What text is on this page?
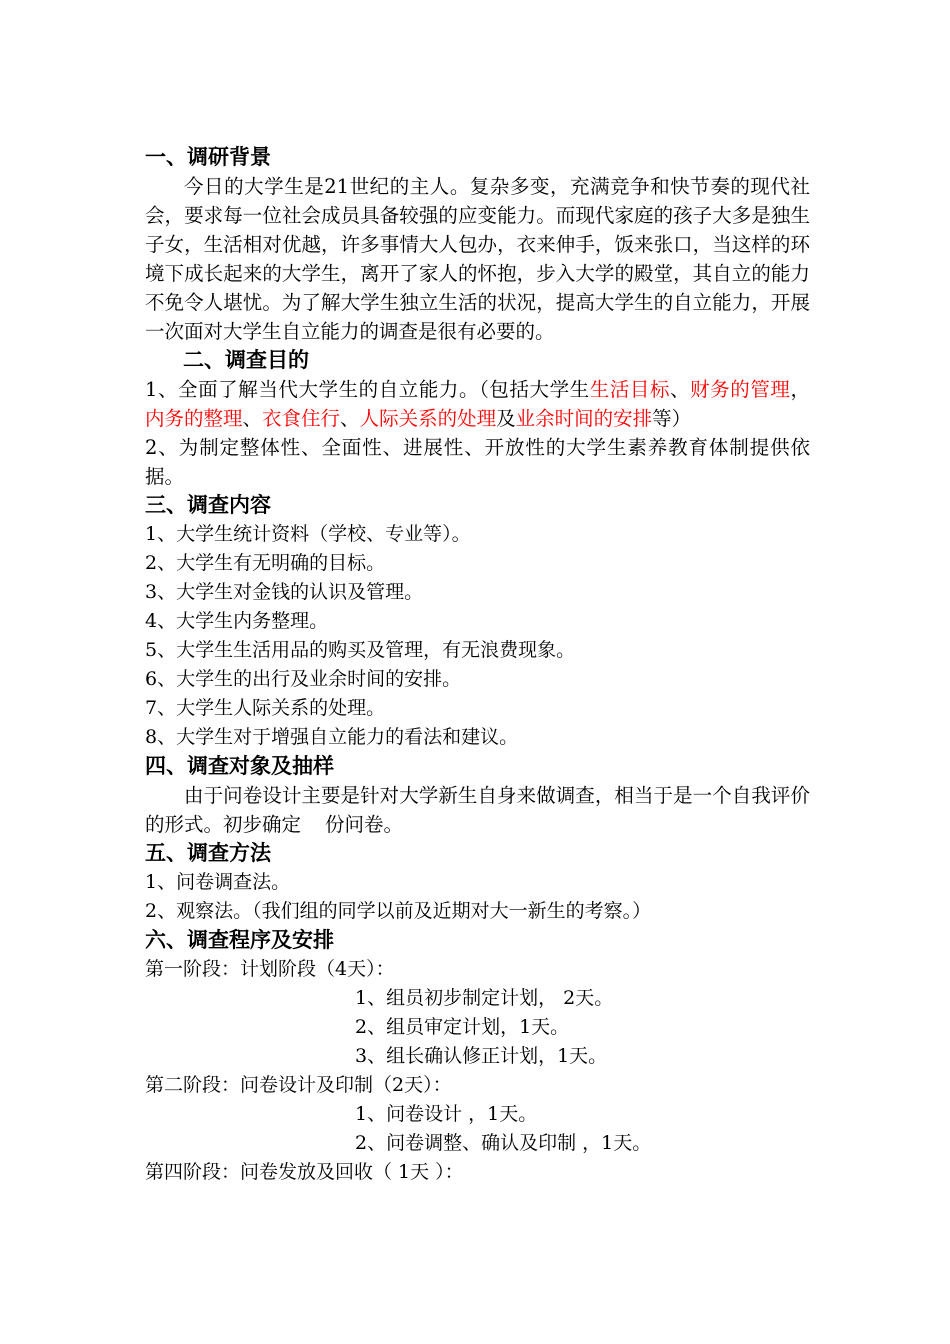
一、调研背景
今日的大学生是21世纪的主人。复杂多变，充满竞争和快节奏的现代社会，要求每一位社会成员具备较强的应变能力。而现代家庭的孩子大多是独生子女，生活相对优越，许多事情大人包办，衣来伸手，饭来张口，当这样的环境下成长起来的大学生，离开了家人的怀抱，步入大学的殿堂，其自立的能力不免令人堪忧。为了解大学生独立生活的状况，提高大学生的自立能力，开展一次面对大学生自立能力的调查是很有必要的。
二、调查目的
1、全面了解当代大学生的自立能力。（包括大学生生活目标、财务的管理，内务的整理、衣食住行、人际关系的处理及业余时间的安排等）
2、为制定整体性、全面性、进展性、开放性的大学生素养教育体制提供依据。
三、调查内容
1、大学生统计资料（学校、专业等）。
2、大学生有无明确的目标。
3、大学生对金钱的认识及管理。
4、大学生内务整理。
5、大学生生活用品的购买及管理，有无浪费现象。
6、大学生的出行及业余时间的安排。
7、大学生人际关系的处理。
8、大学生对于增强自立能力的看法和建议。
四、调查对象及抽样
由于问卷设计主要是针对大学新生自身来做调查，相当于是一个自我评价的形式。初步确定 份问卷。
五、调查方法
1、问卷调查法。
2、观察法。（我们组的同学以前及近期对大一新生的考察。）
六、调查程序及安排
第一阶段：计划阶段（4天）：
1、组员初步制定计划， 2天。
2、组员审定计划，1天。
3、组长确认修正计划，1天。
第二阶段：问卷设计及印制（2天）：
1、问卷设计 ，1天。
2、问卷调整、确认及印制 ，1天。
第四阶段：问卷发放及回收（ 1天 ）：
